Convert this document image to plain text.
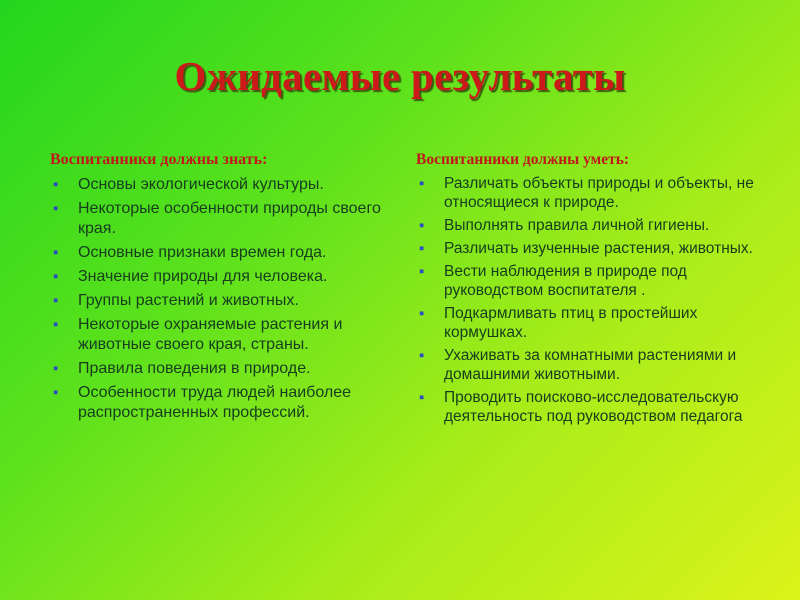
Ожидаемые результаты
Воспитанники должны знать:
▪ Основы экологической культуры.
▪ Некоторые особенности природы своего края.
▪ Основные признаки времен года.
▪ Значение природы для человека.
▪ Группы растений и животных.
▪ Некоторые охраняемые растения и животные своего края, страны.
▪ Правила поведения в природе.
▪ Особенности труда людей наиболее распространенных профессий.
Воспитанники должны уметь:
▪ Различать объекты природы и объекты, не относящиеся к природе.
▪ Выполнять правила личной гигиены.
▪ Различать изученные растения, животных.
▪ Вести наблюдения в природе под руководством воспитателя .
▪ Подкармливать птиц в простейших кормушках.
▪ Ухаживать за комнатными растениями и домашними животными.
▪ Проводить поисково-исследовательскую деятельность под руководством педагога
